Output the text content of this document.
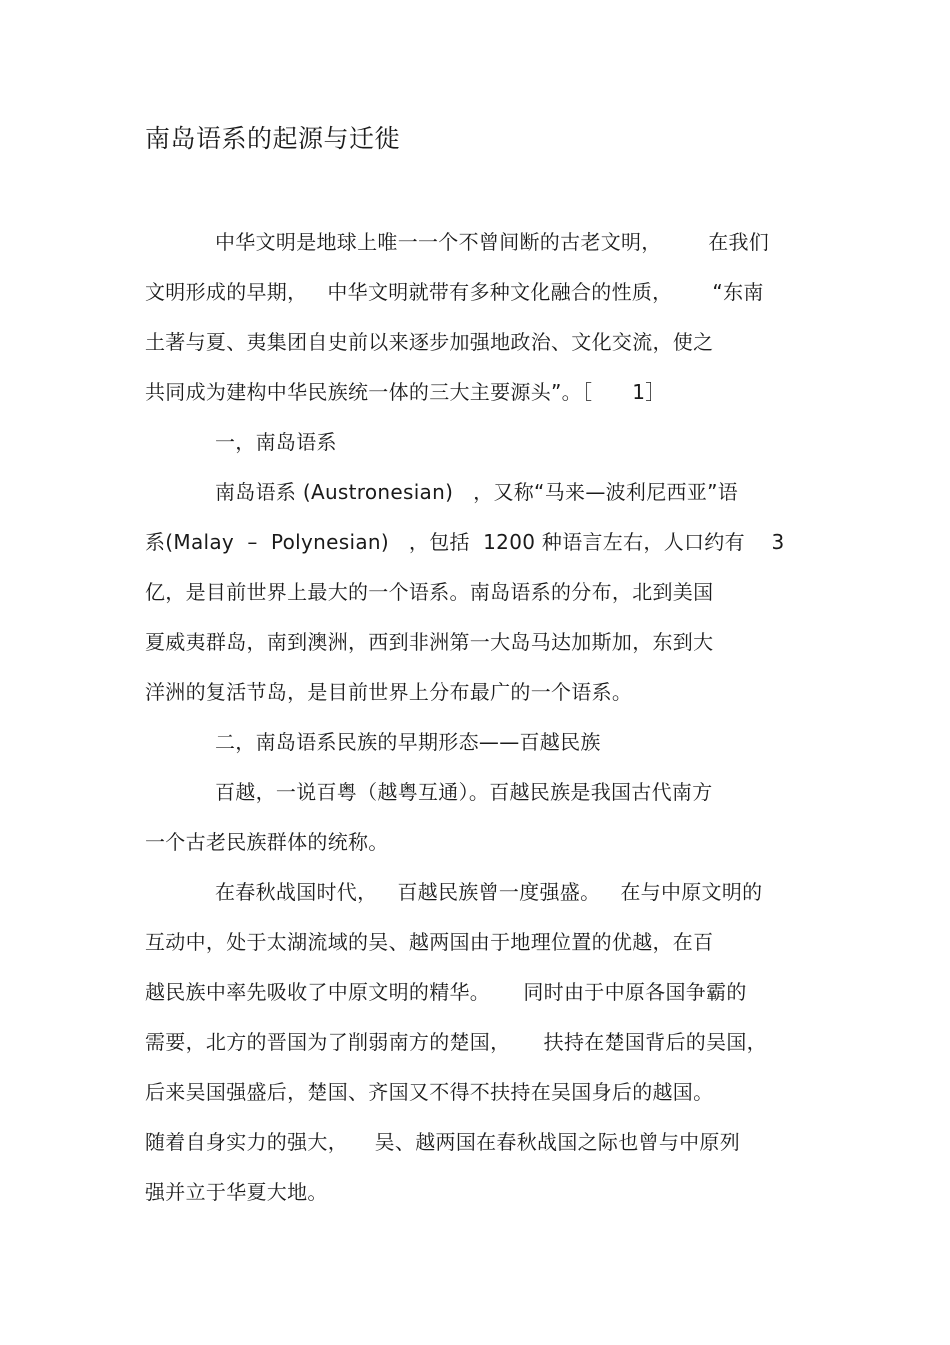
南岛语系的起源与迁徙
中华文明是地球上唯一一个不曾间断的古老文明，       在我们
文明形成的早期，   中华文明就带有多种文化融合的性质，      “东南
土著与夏、夷集团自史前以来逐步加强地政治、文化交流，使之
共同成为建构中华民族统一体的三大主要源头”。［      1］
一，南岛语系
南岛语系 (Austronesian)   ，又称“马来—波利尼西亚”语
系(Malay  –  Polynesian)   ，包括  1200 种语言左右，人口约有    3
亿，是目前世界上最大的一个语系。南岛语系的分布，北到美国
夏威夷群岛，南到澳洲，西到非洲第一大岛马达加斯加，东到大
洋洲的复活节岛，是目前世界上分布最广的一个语系。
二，南岛语系民族的早期形态——百越民族
百越，一说百粤（越粤互通）。百越民族是我国古代南方
一个古老民族群体的统称。
在春秋战国时代，   百越民族曾一度强盛。   在与中原文明的
互动中，处于太湖流域的吴、越两国由于地理位置的优越，在百
越民族中率先吸收了中原文明的精华。     同时由于中原各国争霸的
需要，北方的晋国为了削弱南方的楚国，     扶持在楚国背后的吴国，
后来吴国强盛后，楚国、齐国又不得不扶持在吴国身后的越国。
随着自身实力的强大，    吴、越两国在春秋战国之际也曾与中原列
强并立于华夏大地。
